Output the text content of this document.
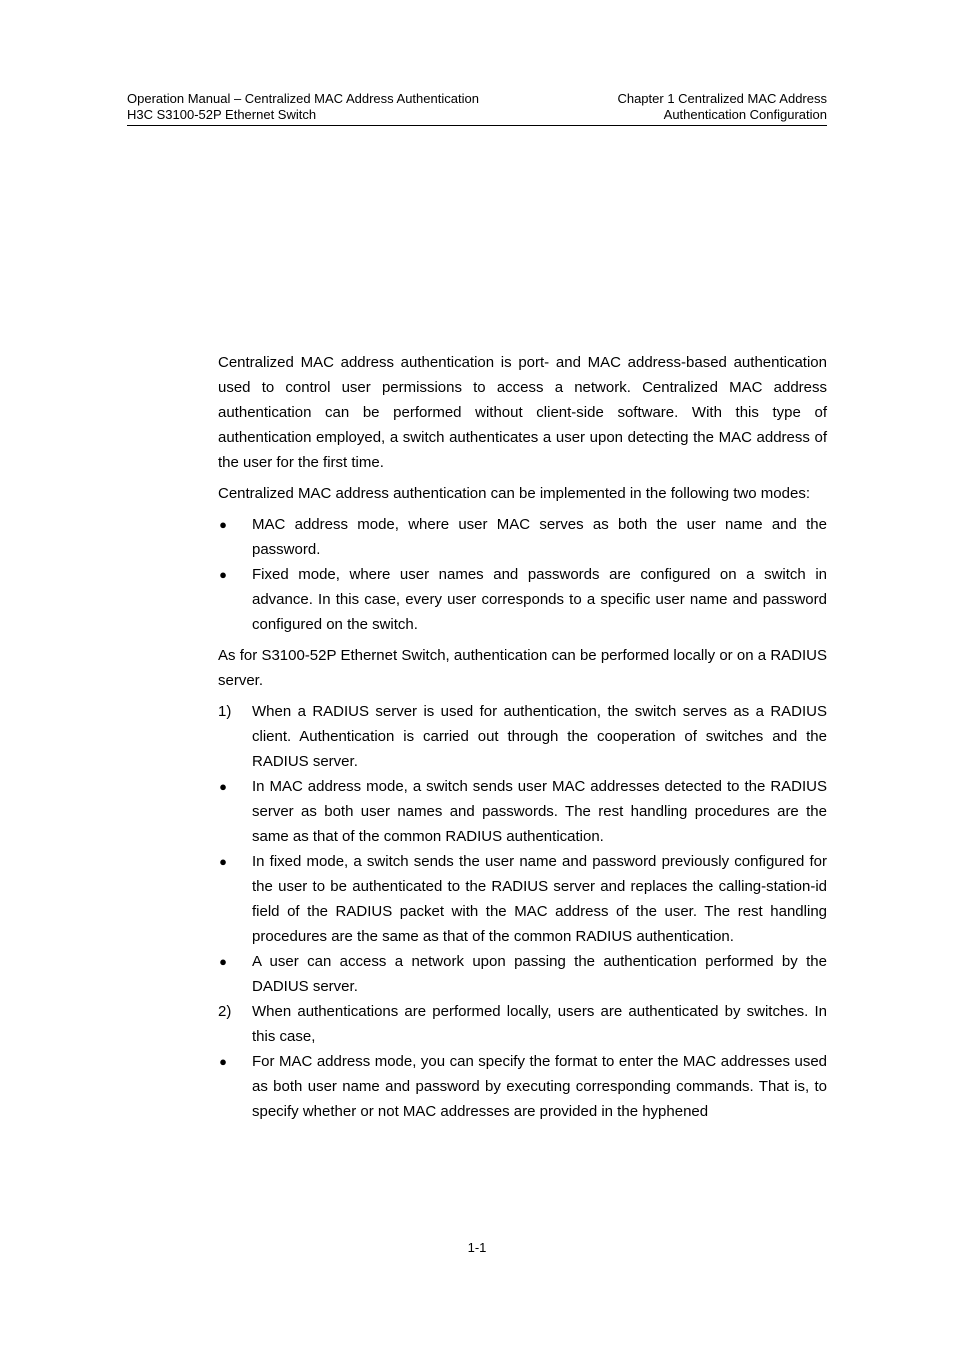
Operation Manual – Centralized MAC Address Authentication
H3C S3100-52P Ethernet Switch
Chapter 1 Centralized MAC Address
Authentication Configuration

Centralized MAC address authentication is port- and MAC address-based authentication used to control user permissions to access a network. Centralized MAC address authentication can be performed without client-side software. With this type of authentication employed, a switch authenticates a user upon detecting the MAC address of the user for the first time.

Centralized MAC address authentication can be implemented in the following two modes:

● MAC address mode, where user MAC serves as both the user name and the password.
● Fixed mode, where user names and passwords are configured on a switch in advance. In this case, every user corresponds to a specific user name and password configured on the switch.

As for S3100-52P Ethernet Switch, authentication can be performed locally or on a RADIUS server.

1) When a RADIUS server is used for authentication, the switch serves as a RADIUS client. Authentication is carried out through the cooperation of switches and the RADIUS server.
● In MAC address mode, a switch sends user MAC addresses detected to the RADIUS server as both user names and passwords. The rest handling procedures are the same as that of the common RADIUS authentication.
● In fixed mode, a switch sends the user name and password previously configured for the user to be authenticated to the RADIUS server and replaces the calling-station-id field of the RADIUS packet with the MAC address of the user. The rest handling procedures are the same as that of the common RADIUS authentication.
● A user can access a network upon passing the authentication performed by the DADIUS server.
2) When authentications are performed locally, users are authenticated by switches. In this case,
● For MAC address mode, you can specify the format to enter the MAC addresses used as both user name and password by executing corresponding commands. That is, to specify whether or not MAC addresses are provided in the hyphened
1-1
